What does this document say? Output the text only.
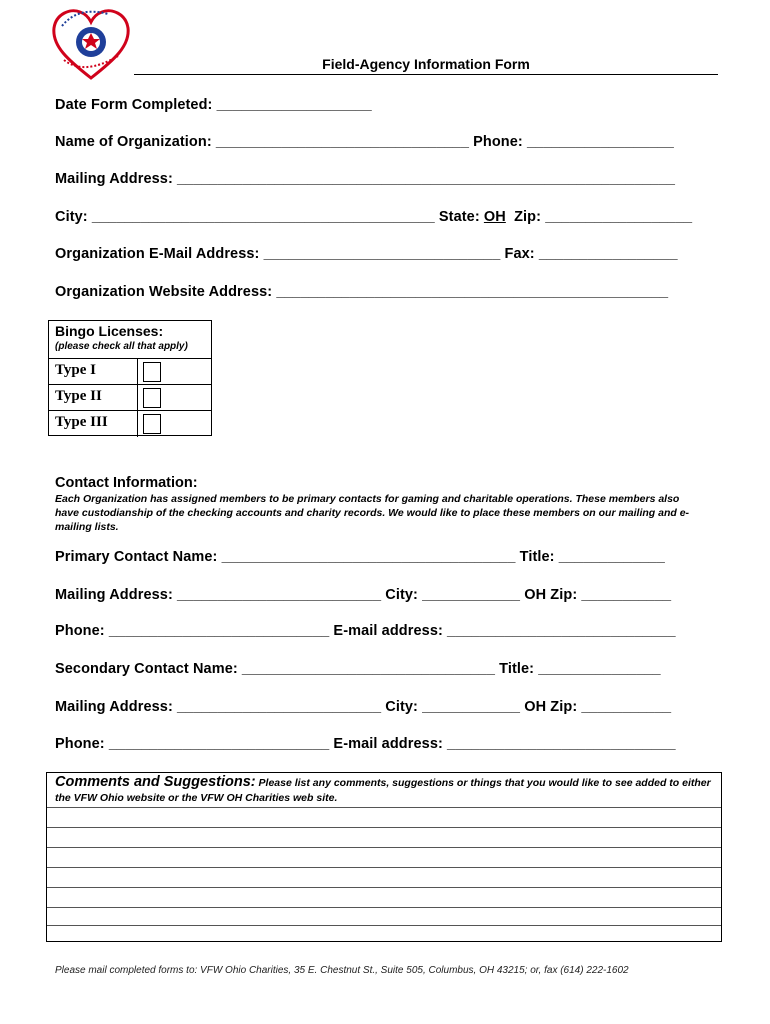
Field-Agency Information Form
Date Form Completed: ___________________
Name of Organization: _______________________________ Phone: __________________
Mailing Address: _____________________________________________________________
City: __________________________________________ State: OH  Zip: __________________
Organization E-Mail Address: _____________________________ Fax: _________________
Organization Website Address: ________________________________________________
Bingo Licenses:
(please check all that apply)
Type I
Type II
Type III
Contact Information:
Each Organization has assigned members to be primary contacts for gaming and charitable operations. These members also have custodianship of the checking accounts and charity records. We would like to place these members on our mailing and e-mailing lists.
Primary Contact Name: ____________________________________ Title: _____________
Mailing Address: _________________________ City: ____________ OH Zip: ___________
Phone: ___________________________ E-mail address: ____________________________
Secondary Contact Name: _______________________________ Title: _______________
Mailing Address: _________________________ City: ____________ OH Zip: ___________
Phone: ___________________________ E-mail address: ____________________________
Comments and Suggestions: Please list any comments, suggestions or things that you would like to see added to either the VFW Ohio website or the VFW OH Charities web site.
Please mail completed forms to: VFW Ohio Charities, 35 E. Chestnut St., Suite 505, Columbus, OH 43215; or, fax (614) 222-1602
